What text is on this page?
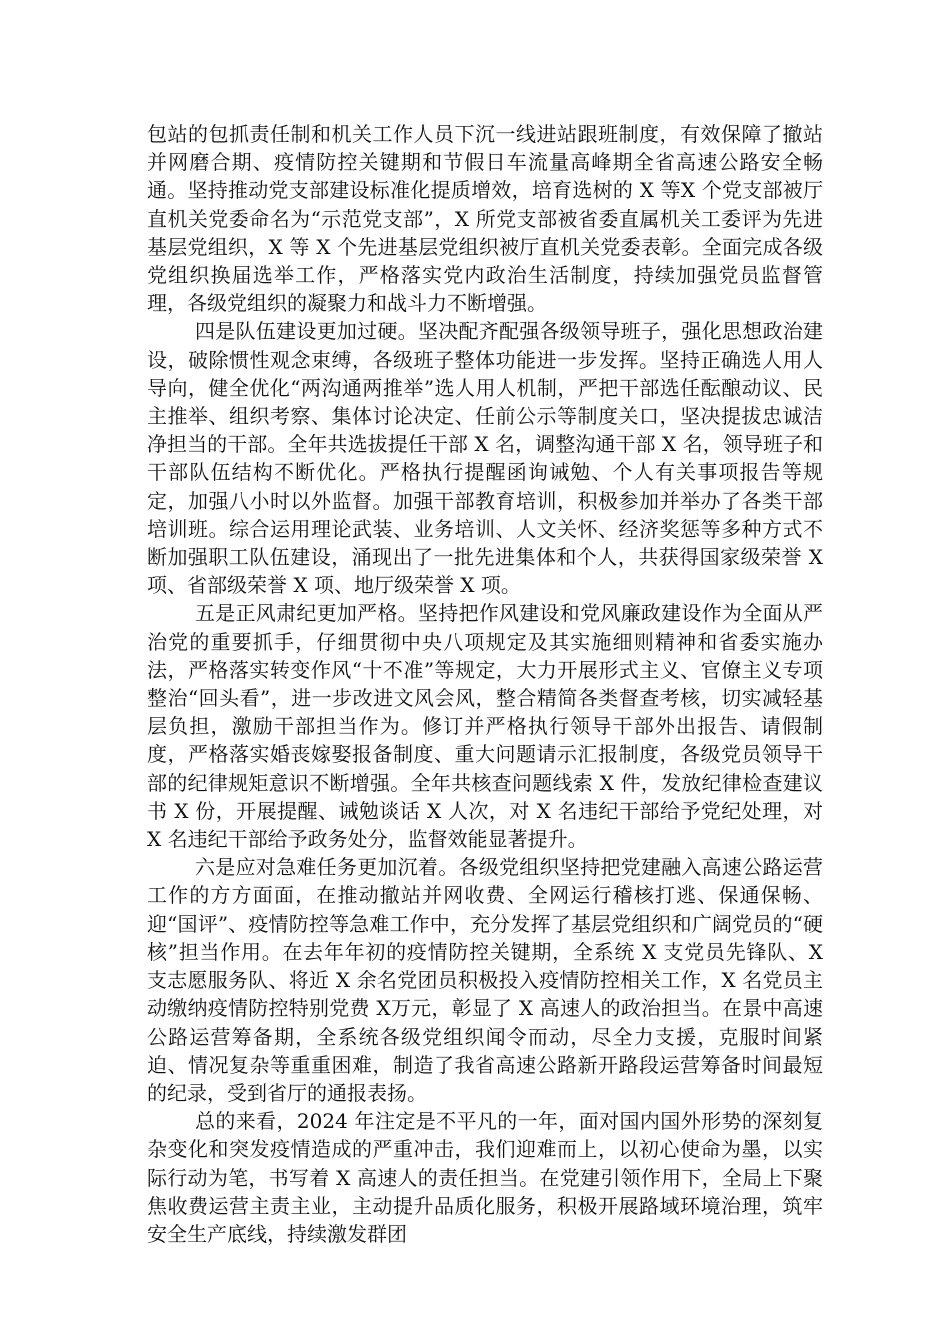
包站的包抓责任制和机关工作人员下沉一线进站跟班制度，有效保障了撤站并网磨合期、疫情防控关键期和节假日车流量高峰期全省高速公路安全畅通。坚持推动党支部建设标准化提质增效，培育选树的 X 等X 个党支部被厅直机关党委命名为“示范党支部”，X 所党支部被省委直属机关工委评为先进基层党组织，X 等 X 个先进基层党组织被厅直机关党委表彰。全面完成各级党组织换届选举工作，严格落实党内政治生活制度，持续加强党员监督管理，各级党组织的凝聚力和战斗力不断增强。

四是队伍建设更加过硬。坚决配齐配强各级领导班子，强化思想政治建设，破除惯性观念束缚，各级班子整体功能进一步发挥。坚持正确选人用人导向，健全优化“两沟通两推举”选人用人机制，严把干部选任酝酿动议、民主推举、组织考察、集体讨论决定、任前公示等制度关口，坚决提拔忠诚洁净担当的干部。全年共选拔提任干部 X 名，调整沟通干部 X 名，领导班子和干部队伍结构不断优化。严格执行提醒函询诫勉、个人有关事项报告等规定，加强八小时以外监督。加强干部教育培训，积极参加并举办了各类干部培训班。综合运用理论武装、业务培训、人文关怀、经济奖惩等多种方式不断加强职工队伍建设，涌现出了一批先进集体和个人，共获得国家级荣誉 X 项、省部级荣誉 X 项、地厅级荣誉 X 项。

五是正风肃纪更加严格。坚持把作风建设和党风廉政建设作为全面从严治党的重要抓手，仔细贯彻中央八项规定及其实施细则精神和省委实施办法，严格落实转变作风“十不准”等规定，大力开展形式主义、官僚主义专项整治“回头看”，进一步改进文风会风，整合精简各类督查考核，切实减轻基层负担，激励干部担当作为。修订并严格执行领导干部外出报告、请假制度，严格落实婚丧嫁娶报备制度、重大问题请示汇报制度，各级党员领导干部的纪律规矩意识不断增强。全年共核查问题线索 X 件，发放纪律检查建议书 X 份，开展提醒、诫勉谈话 X 人次，对 X 名违纪干部给予党纪处理，对 X 名违纪干部给予政务处分，监督效能显著提升。

六是应对急难任务更加沉着。各级党组织坚持把党建融入高速公路运营工作的方方面面，在推动撤站并网收费、全网运行稽核打逃、保通保畅、迎“国评”、疫情防控等急难工作中，充分发挥了基层党组织和广阔党员的“硬核”担当作用。在去年年初的疫情防控关键期，全系统 X 支党员先锋队、X 支志愿服务队、将近 X 余名党团员积极投入疫情防控相关工作，X 名党员主动缴纳疫情防控特别党费 X万元，彰显了 X 高速人的政治担当。在景中高速公路运营筹备期，全系统各级党组织闻令而动，尽全力支援，克服时间紧迫、情况复杂等重重困难，制造了我省高速公路新开路段运营筹备时间最短的纪录，受到省厅的通报表扬。

总的来看，2024 年注定是不平凡的一年，面对国内国外形势的深刻复杂变化和突发疫情造成的严重冲击，我们迎难而上，以初心使命为墨，以实际行动为笔，书写着 X 高速人的责任担当。在党建引领作用下，全局上下聚焦收费运营主责主业，主动提升品质化服务，积极开展路域环境治理，筑牢安全生产底线，持续激发群团
